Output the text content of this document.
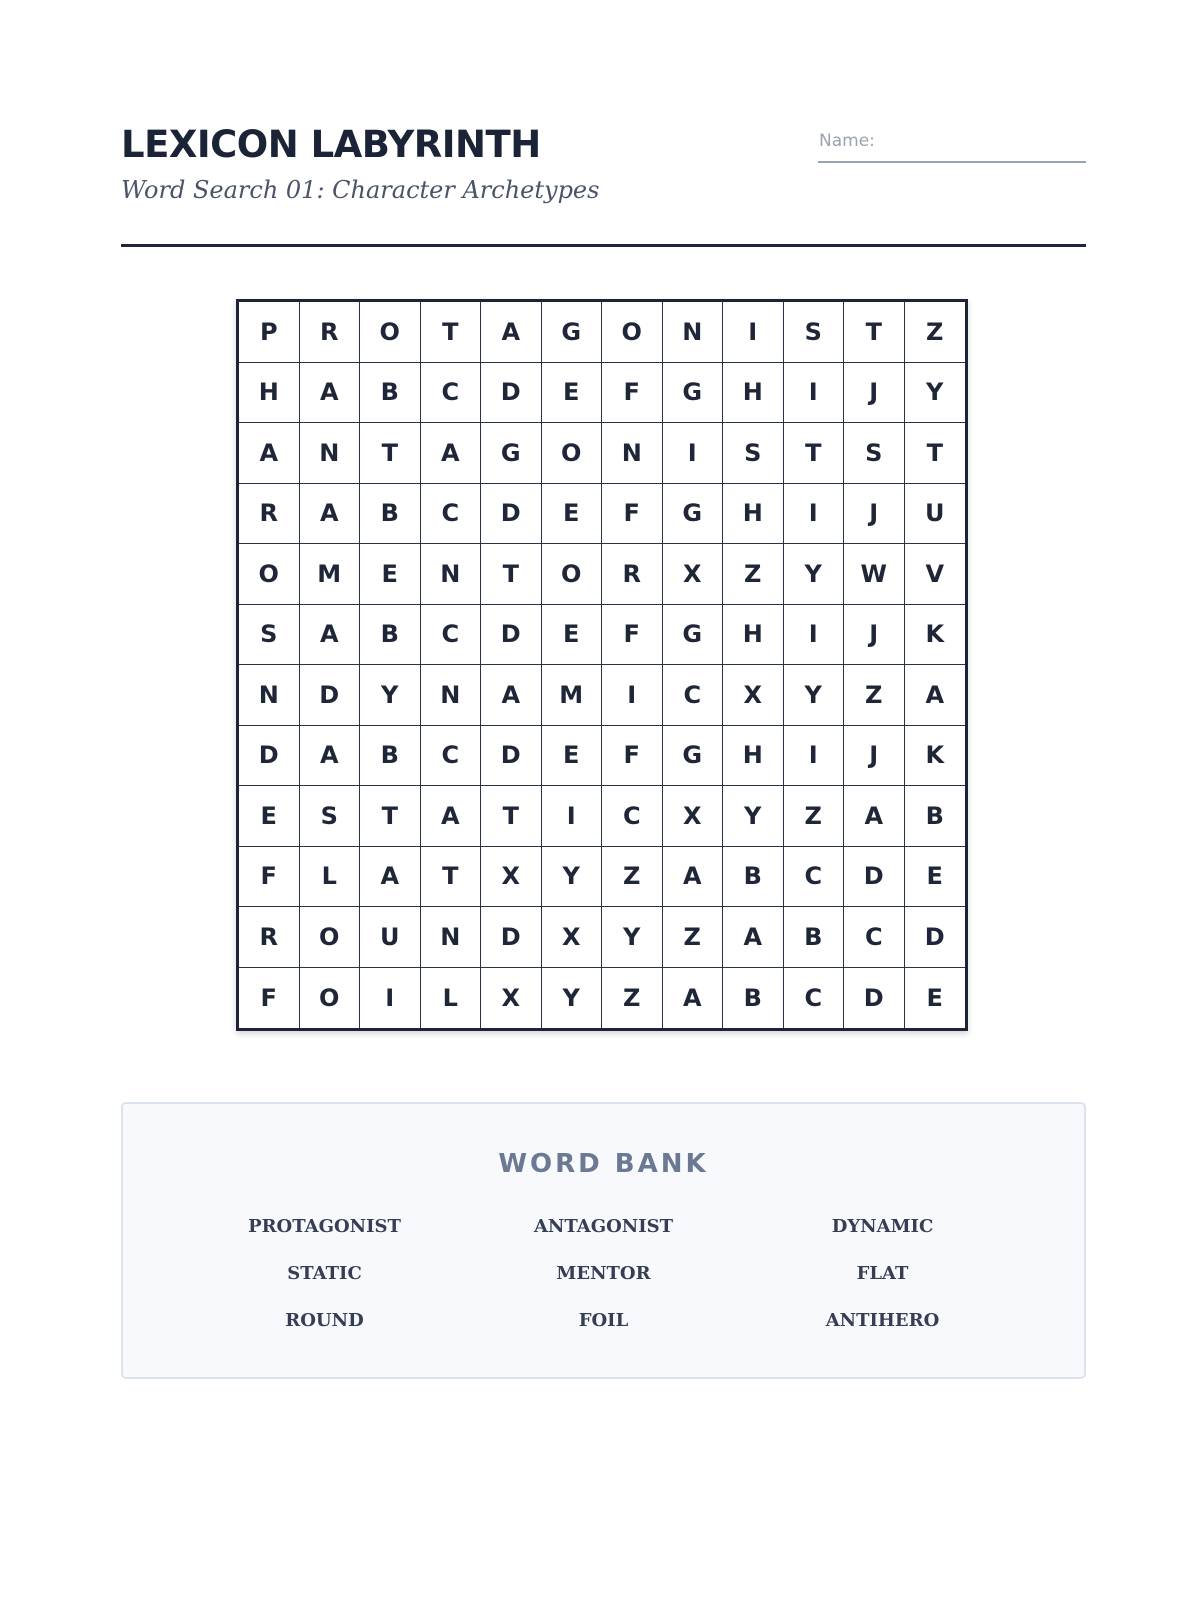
LEXICON LABYRINTH
Word Search 01: Character Archetypes
Name:
P	R	O	T	A	G	O	N	I	S	T	Z
H	A	B	C	D	E	F	G	H	I	J	Y
A	N	T	A	G	O	N	I	S	T	S	T
R	A	B	C	D	E	F	G	H	I	J	U
O	M	E	N	T	O	R	X	Z	Y	W	V
S	A	B	C	D	E	F	G	H	I	J	K
N	D	Y	N	A	M	I	C	X	Y	Z	A
D	A	B	C	D	E	F	G	H	I	J	K
E	S	T	A	T	I	C	X	Y	Z	A	B
F	L	A	T	X	Y	Z	A	B	C	D	E
R	O	U	N	D	X	Y	Z	A	B	C	D
F	O	I	L	X	Y	Z	A	B	C	D	E
WORD BANK
PROTAGONIST	ANTAGONIST	DYNAMIC
STATIC	MENTOR	FLAT
ROUND	FOIL	ANTIHERO
